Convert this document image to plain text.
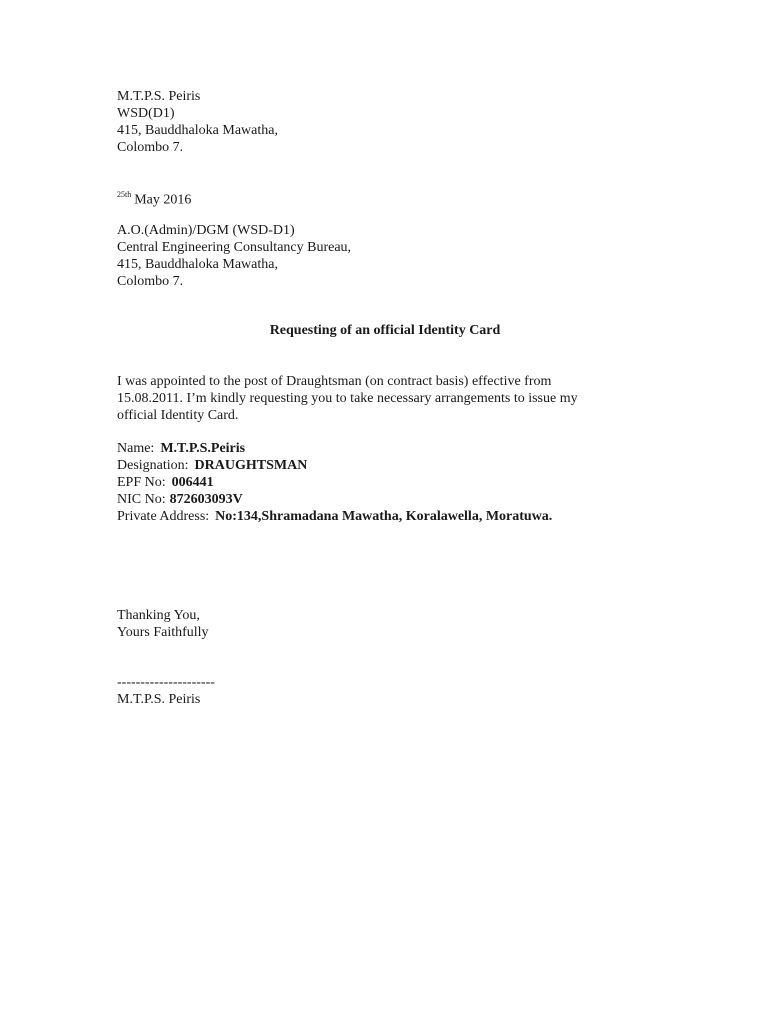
M.T.P.S. Peiris
WSD(D1)
415, Bauddhaloka Mawatha,
Colombo 7.
$^{25th}$ May 2016
A.O.(Admin)/DGM (WSD-D1)
Central Engineering Consultancy Bureau,
415, Bauddhaloka Mawatha,
Colombo 7.
Requesting of an official Identity Card
I was appointed to the post of Draughtsman (on contract basis) effective from
15.08.2011. I’m kindly requesting you to take necessary arrangements to issue my
official Identity Card.
Name: M.T.P.S.Peiris
Designation: DRAUGHTSMAN
EPF No: 006441
NIC No: 872603093V
Private Address: No:134,Shramadana Mawatha, Koralawella, Moratuwa.
Thanking You,
Yours Faithfully
---------------------
M.T.P.S. Peiris
